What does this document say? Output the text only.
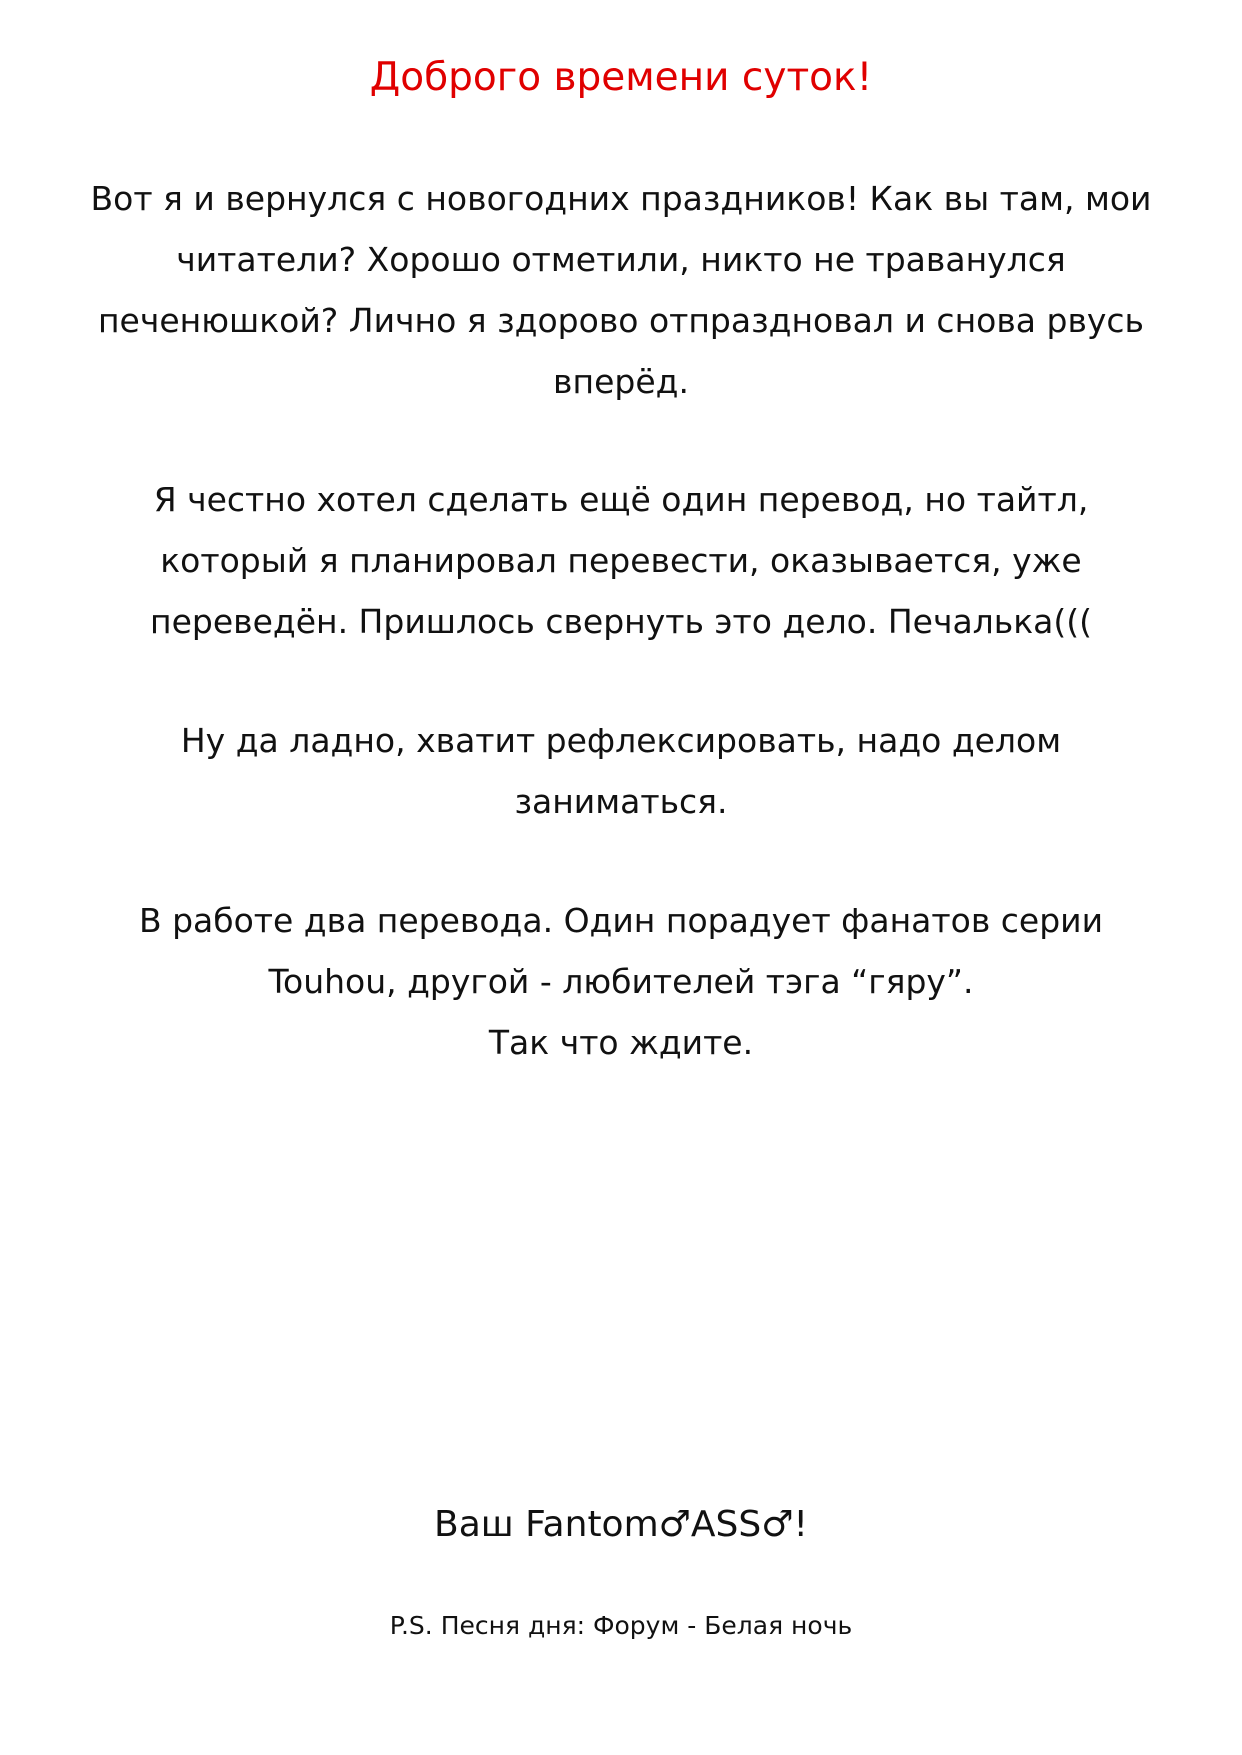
Доброго времени суток!

Вот я и вернулся с новогодних праздников! Как вы там, мои
читатели? Хорошо отметили, никто не траванулся
печенюшкой? Лично я здорово отпраздновал и снова рвусь
вперёд.

Я честно хотел сделать ещё один перевод, но тайтл,
который я планировал перевести, оказывается, уже
переведён. Пришлось свернуть это дело. Печалька(((

Ну да ладно, хватит рефлексировать, надо делом
заниматься.

В работе два перевода. Один порадует фанатов серии
Touhou, другой - любителей тэга “гяру”.
Так что ждите.

Ваш Fantom♂ASS♂!
P.S. Песня дня: Форум - Белая ночь
